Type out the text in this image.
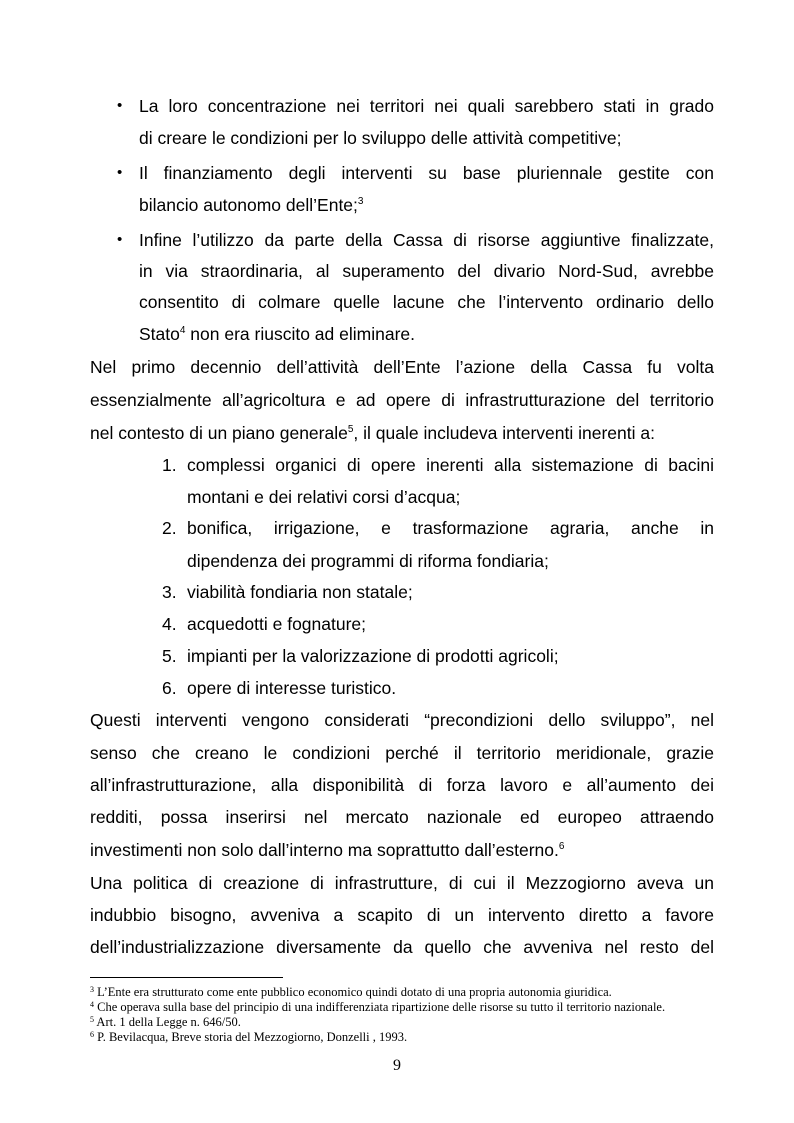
• La loro concentrazione nei territori nei quali sarebbero stati in grado
di creare le condizioni per lo sviluppo delle attività competitive;
• Il finanziamento degli interventi su base pluriennale gestite con
bilancio autonomo dell’Ente;$^3$
• Infine l’utilizzo da parte della Cassa di risorse aggiuntive finalizzate,
in via straordinaria, al superamento del divario Nord-Sud, avrebbe
consentito di colmare quelle lacune che l’intervento ordinario dello
Stato$^4$ non era riuscito ad eliminare.
Nel primo decennio dell’attività dell’Ente l’azione della Cassa fu volta
essenzialmente all’agricoltura e ad opere di infrastrutturazione del territorio
nel contesto di un piano generale$^5$, il quale includeva interventi inerenti a:
1. complessi organici di opere inerenti alla sistemazione di bacini
montani e dei relativi corsi d’acqua;
2. bonifica, irrigazione, e trasformazione agraria, anche in
dipendenza dei programmi di riforma fondiaria;
3. viabilità fondiaria non statale;
4. acquedotti e fognature;
5. impianti per la valorizzazione di prodotti agricoli;
6. opere di interesse turistico.
Questi interventi vengono considerati “precondizioni dello sviluppo”, nel
senso che creano le condizioni perché il territorio meridionale, grazie
all’infrastrutturazione, alla disponibilità di forza lavoro e all’aumento dei
redditi, possa inserirsi nel mercato nazionale ed europeo attraendo
investimenti non solo dall’interno ma soprattutto dall’esterno.$^6$
Una politica di creazione di infrastrutture, di cui il Mezzogiorno aveva un
indubbio bisogno, avveniva a scapito di un intervento diretto a favore
dell’industrializzazione diversamente da quello che avveniva nel resto del
$^3$ L’Ente era strutturato come ente pubblico economico quindi dotato di una propria autonomia giuridica.
$^4$ Che operava sulla base del principio di una indifferenziata ripartizione delle risorse su tutto il territorio nazionale.
$^5$ Art. 1 della Legge n. 646/50.
$^6$ P. Bevilacqua, Breve storia del Mezzogiorno, Donzelli , 1993.
9
